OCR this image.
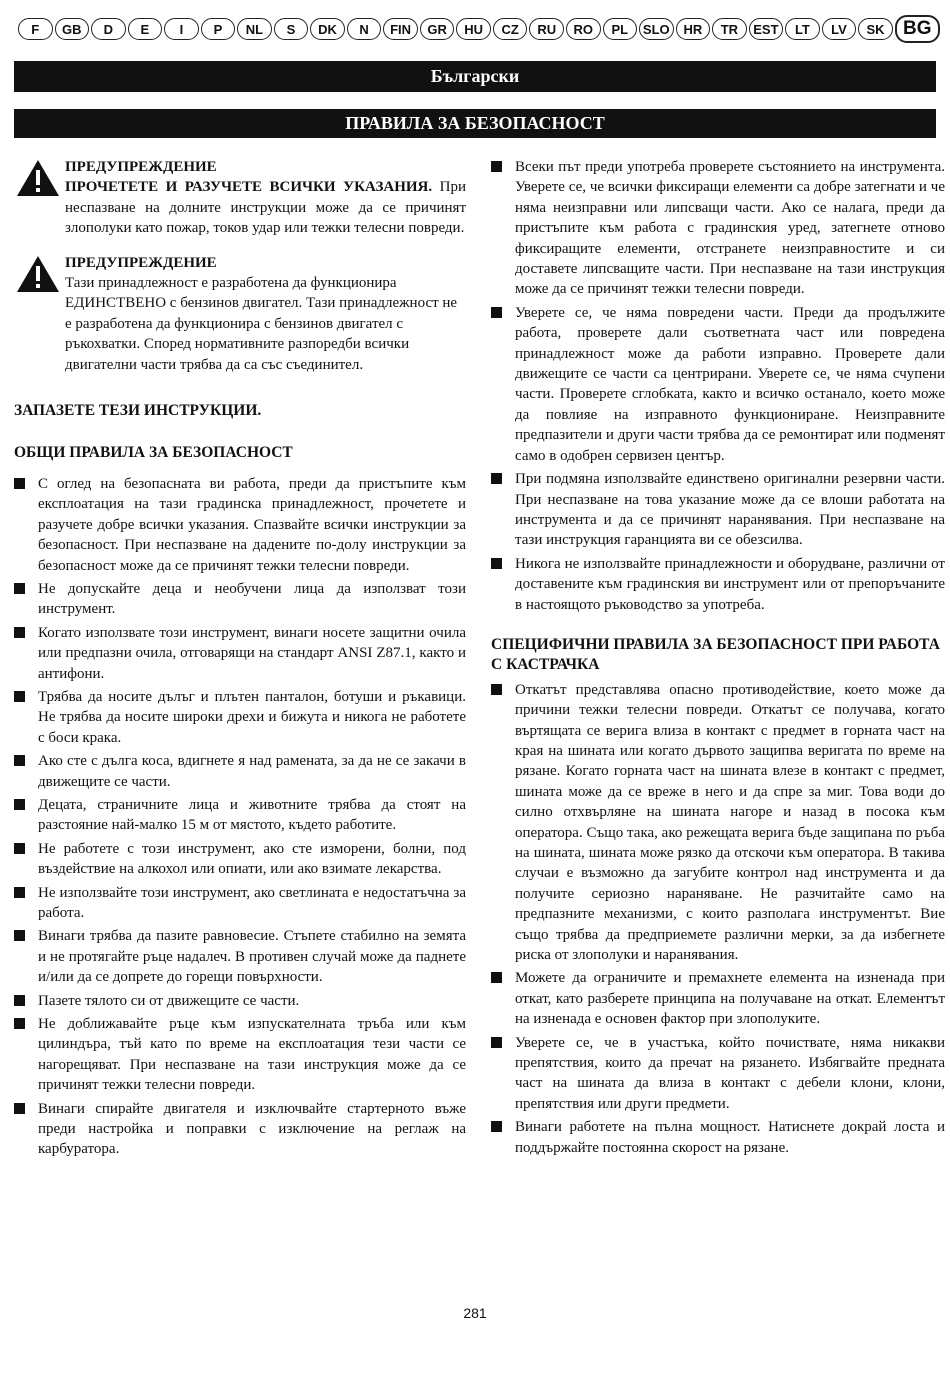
F	GB	D	E	I	P	NL	S	DK	N	FIN	GR	HU	CZ	RU	RO	PL	SLO	HR	TR	EST	LT	LV	SK BG
Български
ПРАВИЛА ЗА БЕЗОПАСНОСТ
ПРЕДУПРЕЖДЕНИЕ
ПРОЧЕТЕТЕ И РАЗУЧЕТЕ ВСИЧКИ УКАЗАНИЯ. При неспазване на долните инструкции може да се причинят злополуки като пожар, токов удар или тежки телесни повреди.
ПРЕДУПРЕЖДЕНИЕ
Тази принадлежност е разработена да функционира ЕДИНСТВЕНО с бензинов двигател. Тази принадлежност не е разработена да функционира с бензинов двигател с ръкохватки. Според нормативните разпоредби всички двигателни части трябва да са със съединител.
ЗАПАЗЕТЕ ТЕЗИ ИНСТРУКЦИИ.
ОБЩИ ПРАВИЛА ЗА БЕЗОПАСНОСТ
С оглед на безопасната ви работа, преди да пристъпите към експлоатация на тази градинска принадлежност, прочетете и разучете добре всички указания. Спазвайте всички инструкции за безопасност. При неспазване на дадените по-долу инструкции за безопасност може да се причинят тежки телесни повреди.
Не допускайте деца и необучени лица да използват този инструмент.
Когато използвате този инструмент, винаги носете защитни очила или предпазни очила, отговарящи на стандарт ANSI Z87.1, както и антифони.
Трябва да носите дълъг и плътен панталон, ботуши и ръкавици. Не трябва да носите широки дрехи и бижута и никога не работете с боси крака.
Ако сте с дълга коса, вдигнете я над рамената, за да не се закачи в движещите се части.
Децата, страничните лица и животните трябва да стоят на разстояние най-малко 15 м от мястото, където работите.
Не работете с този инструмент, ако сте изморени, болни, под въздействие на алкохол или опиати, или ако взимате лекарства.
Не използвайте този инструмент, ако светлината е недостатъчна за работа.
Винаги трябва да пазите равновесие. Стъпете стабилно на земята и не протягайте ръце надалеч. В противен случай може да паднете и/или да се допрете до горещи повърхности.
Пазете тялото си от движещите се части.
Не доближавайте ръце към изпускателната тръба или към цилиндъра, тъй като по време на експлоатация тези части се нагорещяват. При неспазване на тази инструкция може да се причинят тежки телесни повреди.
Винаги спирайте двигателя и изключвайте стартерното въже преди настройка и поправки с изключение на реглаж на карбуратора.
Всеки път преди употреба проверете състоянието на инструмента. Уверете се, че всички фиксиращи елементи са добре затегнати и че няма неизправни или липсващи части. Ако се налага, преди да пристъпите към работа с градинския уред, затегнете отново фиксиращите елементи, отстранете неизправностите и си доставете липсващите части. При неспазване на тази инструкция може да се причинят тежки телесни повреди.
Уверете се, че няма повредени части. Преди да продължите работа, проверете дали съответната част или повредена принадлежност може да работи изправно. Проверете дали движещите се части са центрирани. Уверете се, че няма счупени части. Проверете сглобката, както и всичко останало, което може да повлияе на изправното функциониране. Неизправните предпазители и други части трябва да се ремонтират или подменят само в одобрен сервизен център.
При подмяна използвайте единствено оригинални резервни части. При неспазване на това указание може да се влоши работата на инструмента и да се причинят наранявания. При неспазване на тази инструкция гаранцията ви се обезсилва.
Никога не използвайте принадлежности и оборудване, различни от доставените към градинския ви инструмент или от препоръчаните в настоящото ръководство за употреба.
СПЕЦИФИЧНИ ПРАВИЛА ЗА БЕЗОПАСНОСТ ПРИ РАБОТА С КАСТРАЧКА
Откатът представлява опасно противодействие, което може да причини тежки телесни повреди. Откатът се получава, когато въртящата се верига влиза в контакт с предмет в горната част на края на шината или когато дървото защипва веригата по време на рязане. Когато горната част на шината влезе в контакт с предмет, шината може да се вреже в него и да спре за миг. Това води до силно отхвърляне на шината нагоре и назад в посока към оператора. Също така, ако режещата верига бъде защипана по ръба на шината, шината може рязко да отскочи към оператора. В такива случаи е възможно да загубите контрол над инструмента и да получите сериозно нараняване. Не разчитайте само на предпазните механизми, с които разполага инструментът. Вие също трябва да предприемете различни мерки, за да избегнете риска от злополуки и наранявания.
Можете да ограничите и премахнете елемента на изненада при откат, като разберете принципа на получаване на откат. Елементът на изненада е основен фактор при злополуките.
Уверете се, че в участъка, който почиствате, няма никакви препятствия, които да пречат на рязането. Избягвайте предната част на шината да влиза в контакт с дебели клони, клони, препятствия или други предмети.
Винаги работете на пълна мощност. Натиснете докрай лоста и поддържайте постоянна скорост на рязане.
281
